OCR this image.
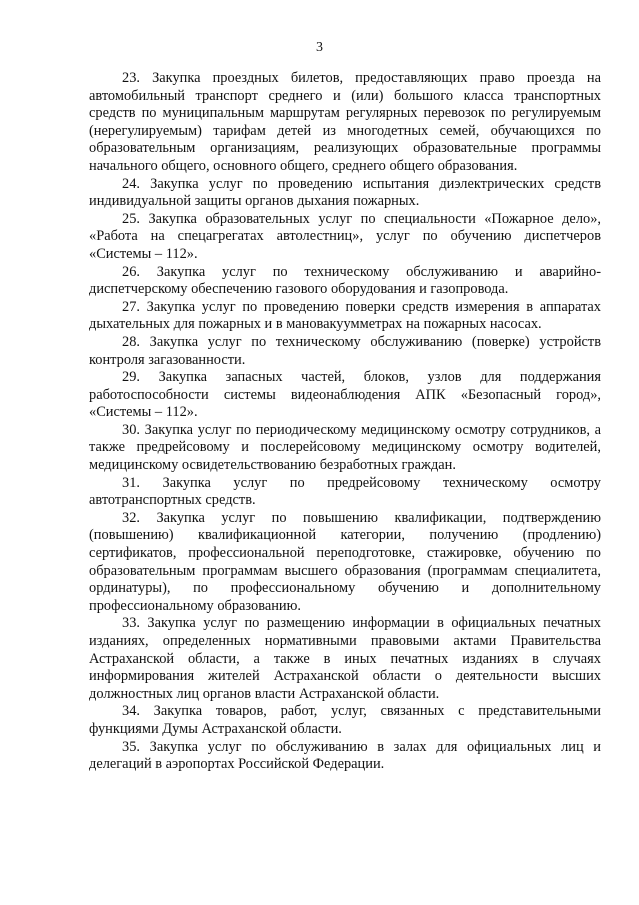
3

23. Закупка проездных билетов, предоставляющих право проезда на автомобильный транспорт среднего и (или) большого класса транспортных средств по муниципальным маршрутам регулярных перевозок по регулируемым (нерегулируемым) тарифам детей из многодетных семей, обучающихся по образовательным организациям, реализующих образовательные программы начального общего, основного общего, среднего общего образования.

24. Закупка услуг по проведению испытания диэлектрических средств индивидуальной защиты органов дыхания пожарных.

25. Закупка образовательных услуг по специальности «Пожарное дело», «Работа на спецагрегатах автолестниц», услуг по обучению диспетчеров «Системы – 112».

26. Закупка услуг по техническому обслуживанию и аварийно-диспетчерскому обеспечению газового оборудования и газопровода.

27. Закупка услуг по проведению поверки средств измерения в аппаратах дыхательных для пожарных и в мановакуумметрах на пожарных насосах.

28. Закупка услуг по техническому обслуживанию (поверке) устройств контроля загазованности.

29. Закупка запасных частей, блоков, узлов для поддержания работоспособности системы видеонаблюдения АПК «Безопасный город», «Системы – 112».

30. Закупка услуг по периодическому медицинскому осмотру сотрудников, а также предрейсовому и послерейсовому медицинскому осмотру водителей, медицинскому освидетельствованию безработных граждан.

31. Закупка услуг по предрейсовому техническому осмотру автотранспортных средств.

32. Закупка услуг по повышению квалификации, подтверждению (повышению) квалификационной категории, получению (продлению) сертификатов, профессиональной переподготовке, стажировке, обучению по образовательным программам высшего образования (программам специалитета, ординатуры), по профессиональному обучению и дополнительному профессиональному образованию.

33. Закупка услуг по размещению информации в официальных печатных изданиях, определенных нормативными правовыми актами Правительства Астраханской области, а также в иных печатных изданиях в случаях информирования жителей Астраханской области о деятельности высших должностных лиц органов власти Астраханской области.

34. Закупка товаров, работ, услуг, связанных с представительными функциями Думы Астраханской области.

35. Закупка услуг по обслуживанию в залах для официальных лиц и делегаций в аэропортах Российской Федерации.
